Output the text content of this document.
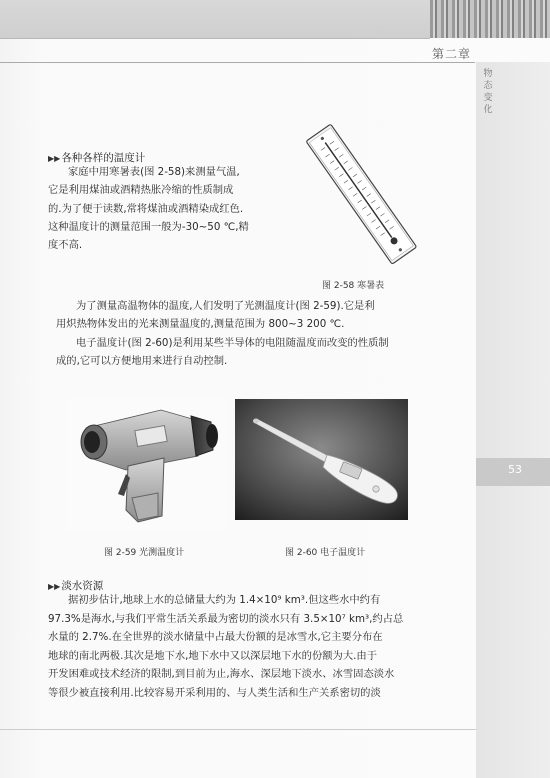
第二章
物态变化
53
▶▶各种各样的温度计

家庭中用寒暑表(图 2-58)来测量气温,

它是利用煤油或酒精热胀冷缩的性质制成

的.为了便于读数,常将煤油或酒精染成红色.

这种温度计的测量范围一般为-30~50 ℃,精

度不高.

图 2-58 寒暑表

为了测量高温物体的温度,人们发明了光测温度计(图 2-59).它是利

用炽热物体发出的光来测量温度的,测量范围为 800~3 200 ℃.

电子温度计(图 2-60)是利用某些半导体的电阻随温度而改变的性质制

成的,它可以方便地用来进行自动控制.

图 2-59 光测温度计	图 2-60 电子温度计
▶▶淡水资源

据初步估计,地球上水的总储量大约为 1.4×10⁹ km³.但这些水中约有

97.3%是海水,与我们平常生活关系最为密切的淡水只有 3.5×10⁷ km³,约占总

水量的 2.7%.在全世界的淡水储量中占最大份额的是冰雪水,它主要分布在

地球的南北两极.其次是地下水,地下水中又以深层地下水的份额为大.由于

开发困难或技术经济的限制,到目前为止,海水、深层地下淡水、冰雪固态淡水

等很少被直接利用.比较容易开采利用的、与人类生活和生产关系密切的淡
